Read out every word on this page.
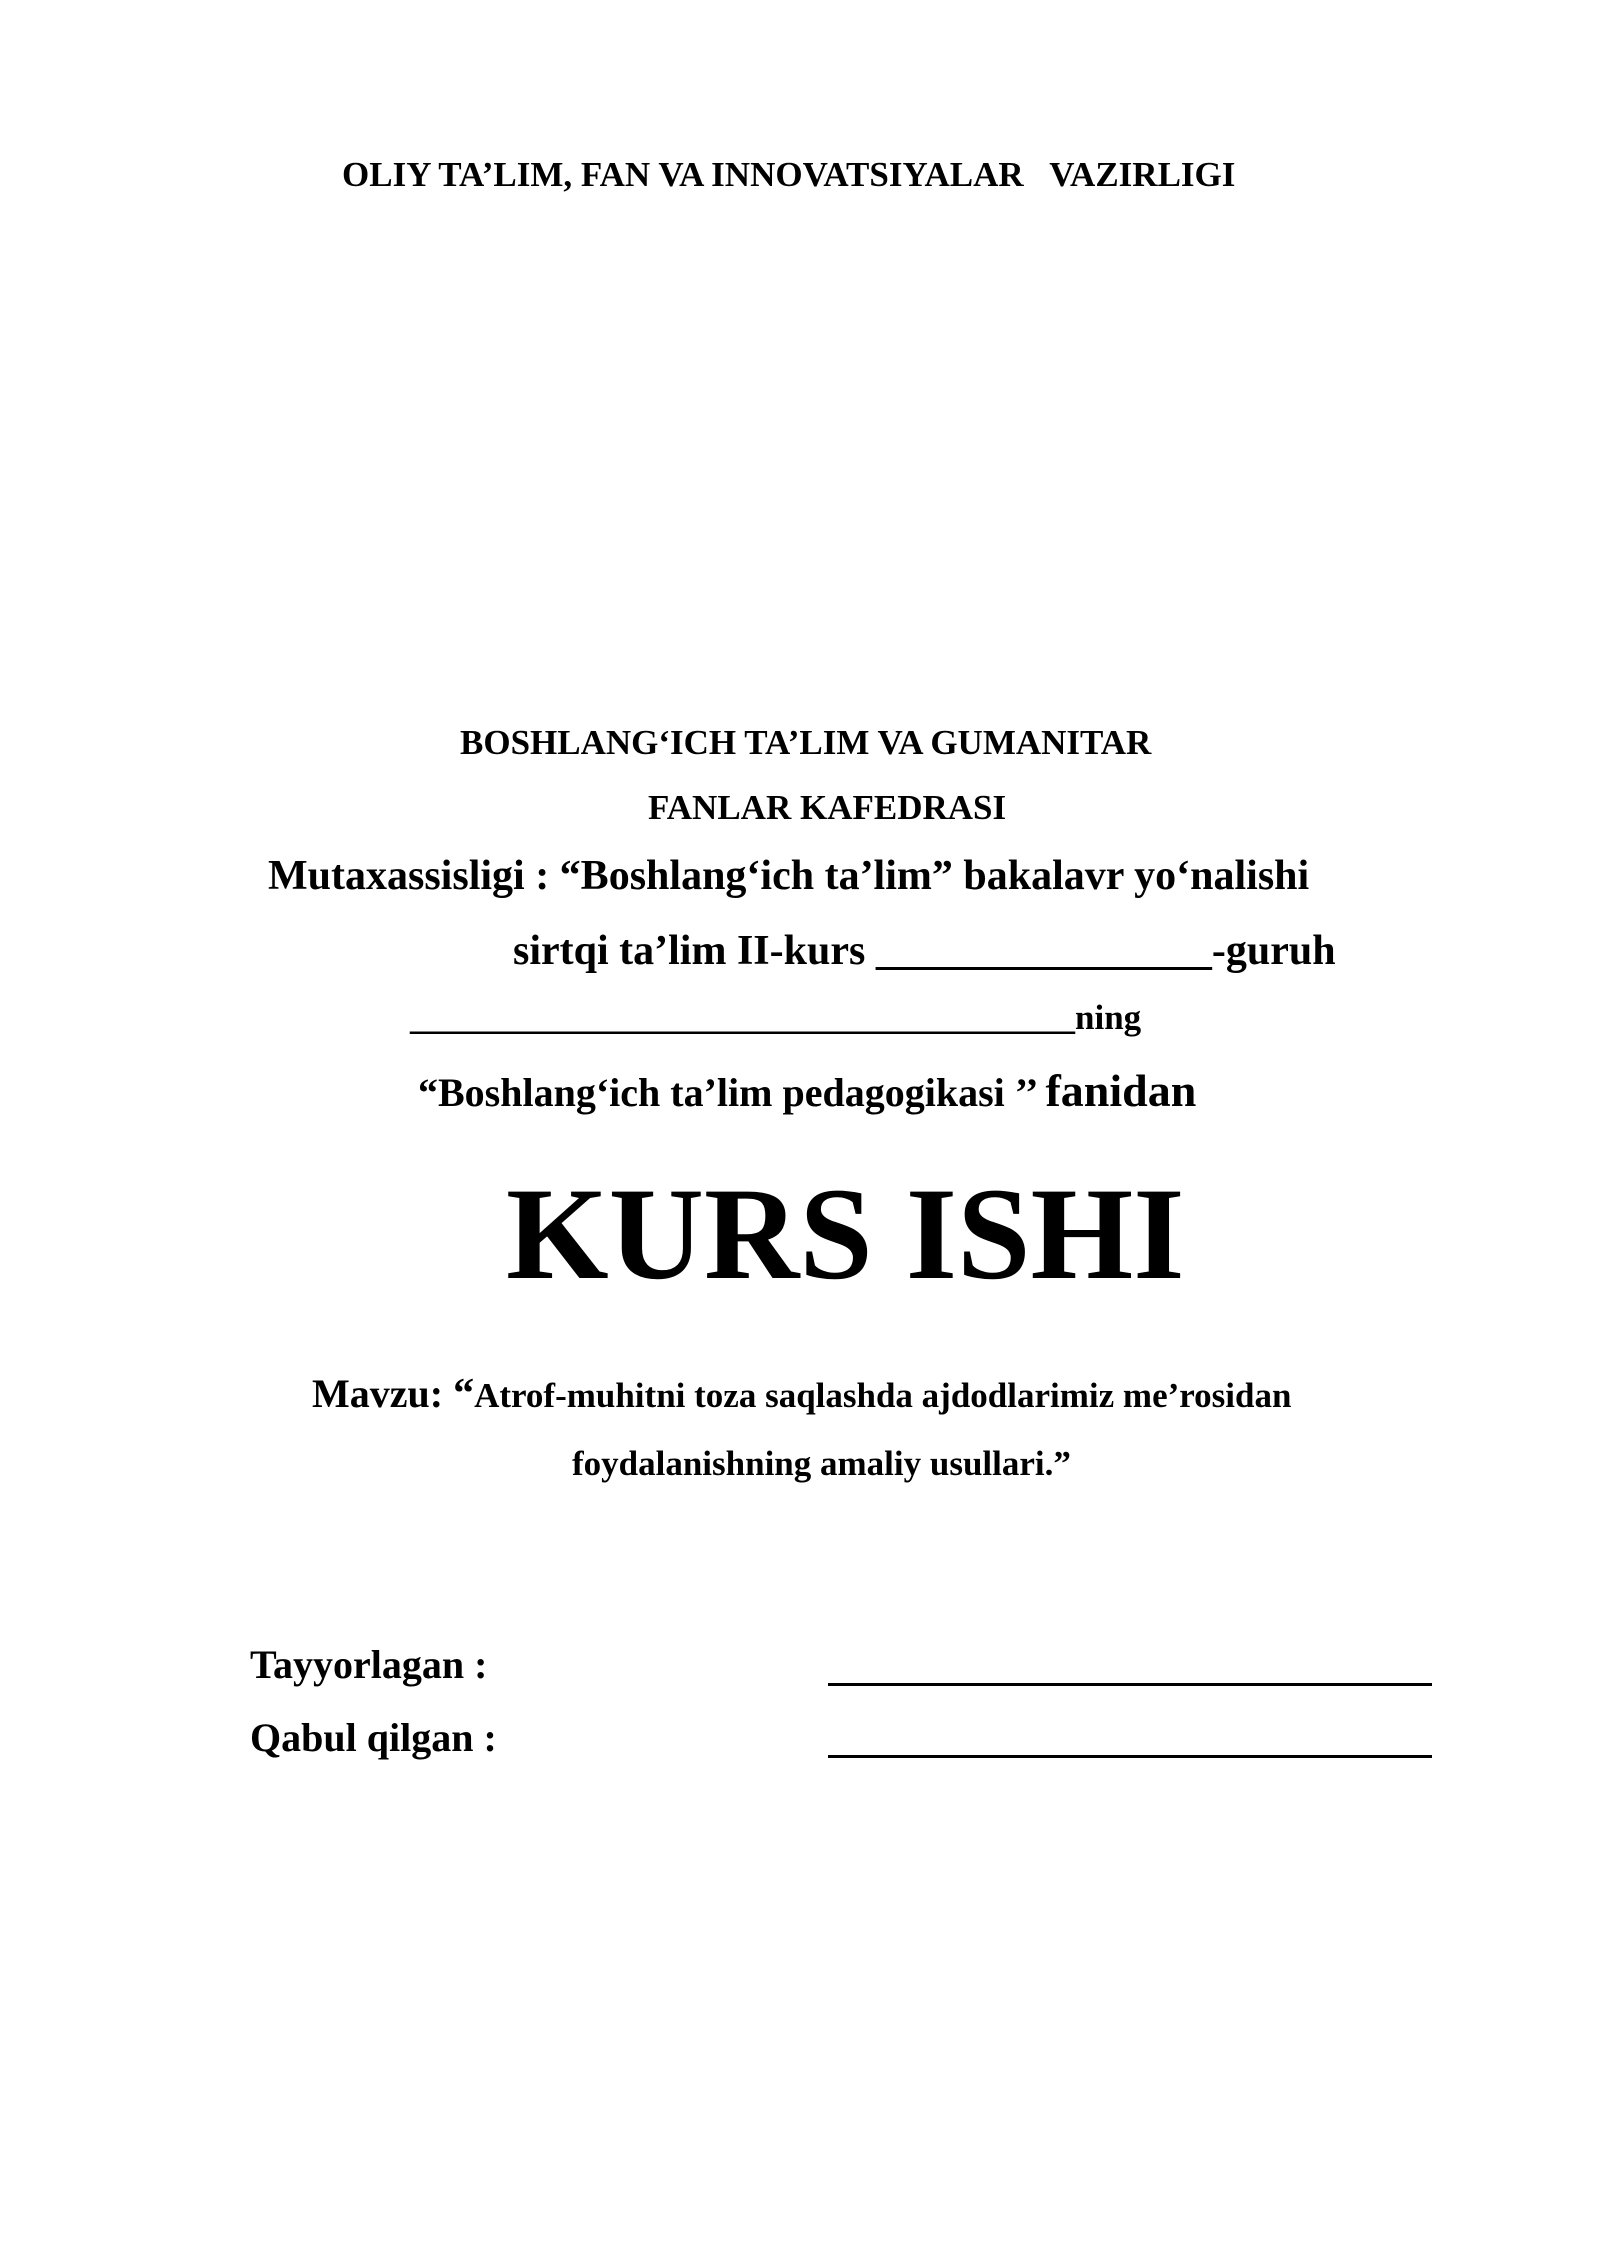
OLIY TA’LIM, FAN VA INNOVATSIYALAR   VAZIRLIGI
BOSHLANG‘ICH TA’LIM VA GUMANITAR
FANLAR KAFEDRASI
Mutaxassisligi : “Boshlang‘ich ta’lim” bakalavr yo‘nalishi
sirtqi ta’lim II-kurs ________________-guruh
______________________________________ning
“Boshlang‘ich ta’lim pedagogikasi ’’ fanidan
KURS ISHI
Mavzu: “Atrof-muhitni toza saqlashda ajdodlarimiz me’rosidan
foydalanishning amaliy usullari.”
Tayyorlagan :
Qabul qilgan :
